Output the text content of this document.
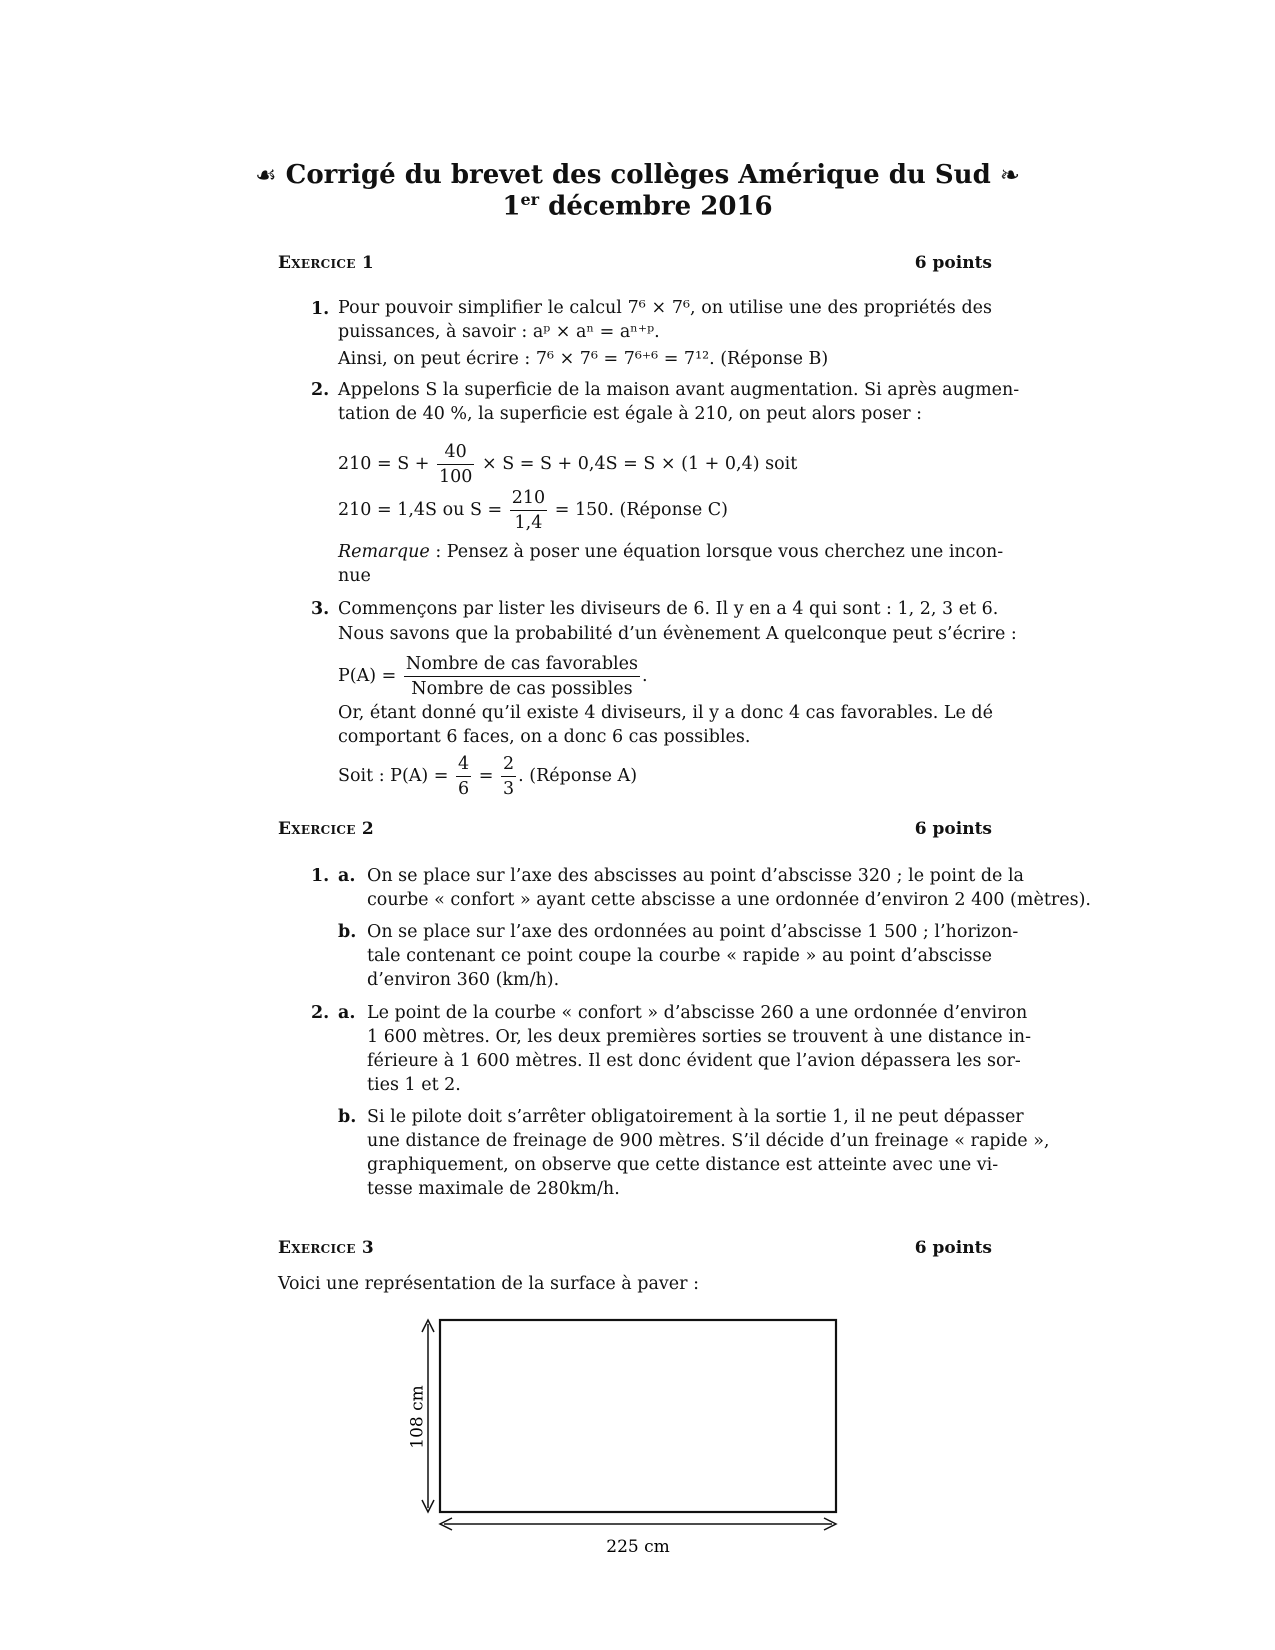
☙ Corrigé du brevet des collèges Amérique du Sud ❧
1er décembre 2016
Exercice 1	6 points
1. Pour pouvoir simplifier le calcul 7⁶ × 7⁶, on utilise une des propriétés des
puissances, à savoir : aᵖ × aⁿ = aⁿ⁺ᵖ.
Ainsi, on peut écrire : 7⁶ × 7⁶ = 7⁶⁺⁶ = 7¹². (Réponse B)
2. Appelons S la superficie de la maison avant augmentation. Si après augmen-
tation de 40 %, la superficie est égale à 210, on peut alors poser :
$210 = S + \frac{40}{100} \times S = S + 0,4S = S \times (1 + 0,4)$ soit
210 = 1,4S ou $S = \frac{210}{1,4} = 150$. (Réponse C)
Remarque : Pensez à poser une équation lorsque vous cherchez une incon-
nue
3. Commençons par lister les diviseurs de 6. Il y en a 4 qui sont : 1, 2, 3 et 6.
Nous savons que la probabilité d’un évènement A quelconque peut s’écrire :
$P(A) = \frac{\text{Nombre de cas favorables}}{\text{Nombre de cas possibles}}$ .
Or, étant donné qu’il existe 4 diviseurs, il y a donc 4 cas favorables. Le dé
comportant 6 faces, on a donc 6 cas possibles.
Soit : $P(A) = \frac{4}{6} = \frac{2}{3}$ . (Réponse A)
Exercice 2	6 points
1. a. On se place sur l’axe des abscisses au point d’abscisse 320 ; le point de la
courbe « confort » ayant cette abscisse a une ordonnée d’environ 2 400 (mètres).
b. On se place sur l’axe des ordonnées au point d’abscisse 1 500 ; l’horizon-
tale contenant ce point coupe la courbe « rapide » au point d’abscisse
d’environ 360 (km/h).
2. a. Le point de la courbe « confort » d’abscisse 260 a une ordonnée d’environ
1 600 mètres. Or, les deux premières sorties se trouvent à une distance in-
férieure à 1 600 mètres. Il est donc évident que l’avion dépassera les sor-
ties 1 et 2.
b. Si le pilote doit s’arrêter obligatoirement à la sortie 1, il ne peut dépasser
une distance de freinage de 900 mètres. S’il décide d’un freinage « rapide »,
graphiquement, on observe que cette distance est atteinte avec une vi-
tesse maximale de 280km/h.
Exercice 3	6 points
Voici une représentation de la surface à paver :
108 cm
225 cm
